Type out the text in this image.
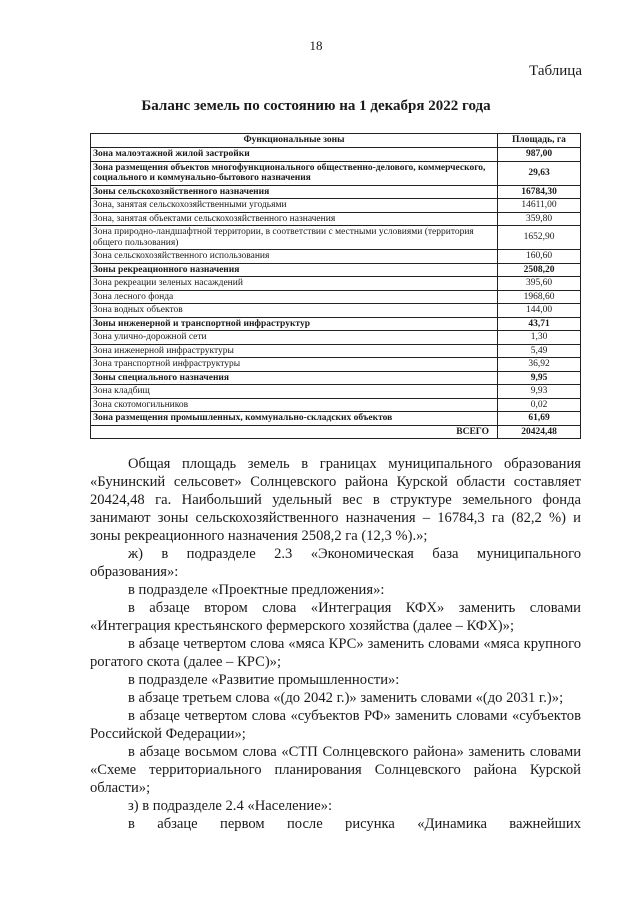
18
Таблица
Баланс земель по состоянию на 1 декабря 2022 года
Функциональные зоны	Площадь, га
Зона малоэтажной жилой застройки	987,00
Зона размещения объектов многофункционального общественно-делового, коммерческого, социального и коммунально-бытового назначения	29,63
Зоны сельскохозяйственного назначения	16784,30
Зона, занятая сельскохозяйственными угодьями	14611,00
Зона, занятая объектами сельскохозяйственного назначения	359,80
Зона природно-ландшафтной территории, в соответствии с местными условиями (территория общего пользования)	1652,90
Зона сельскохозяйственного использования	160,60
Зоны рекреационного назначения	2508,20
Зона рекреации зеленых насаждений	395,60
Зона лесного фонда	1968,60
Зона водных объектов	144,00
Зоны инженерной и транспортной инфраструктур	43,71
Зона улично-дорожной сети	1,30
Зона инженерной инфраструктуры	5,49
Зона транспортной инфраструктуры	36,92
Зоны специального назначения	9,95
Зона кладбищ	9,93
Зона скотомогильников	0,02
Зона размещения промышленных, коммунально-складских объектов	61,69
ВСЕГО	20424,48

Общая площадь земель в границах муниципального образования «Бунинский сельсовет» Солнцевского района Курской области составляет 20424,48 га. Наибольший удельный вес в структуре земельного фонда занимают зоны сельскохозяйственного назначения – 16784,3 га (82,2 %) и зоны рекреационного назначения 2508,2 га (12,3 %).»;

ж) в подразделе 2.3 «Экономическая база муниципального образования»:

в подразделе «Проектные предложения»:

в абзаце втором слова «Интеграция КФХ» заменить словами «Интеграция крестьянского фермерского хозяйства (далее – КФХ)»;

в абзаце четвертом слова «мяса КРС» заменить словами «мяса крупного рогатого скота (далее – КРС)»;

в подразделе «Развитие промышленности»:

в абзаце третьем слова «(до 2042 г.)» заменить словами «(до 2031 г.)»;

в абзаце четвертом слова «субъектов РФ» заменить словами «субъектов Российской Федерации»;

в абзаце восьмом слова «СТП Солнцевского района» заменить словами «Схеме территориального планирования Солнцевского района Курской области»;

з) в подразделе 2.4 «Население»:

в абзаце первом после рисунка «Динамика важнейших
